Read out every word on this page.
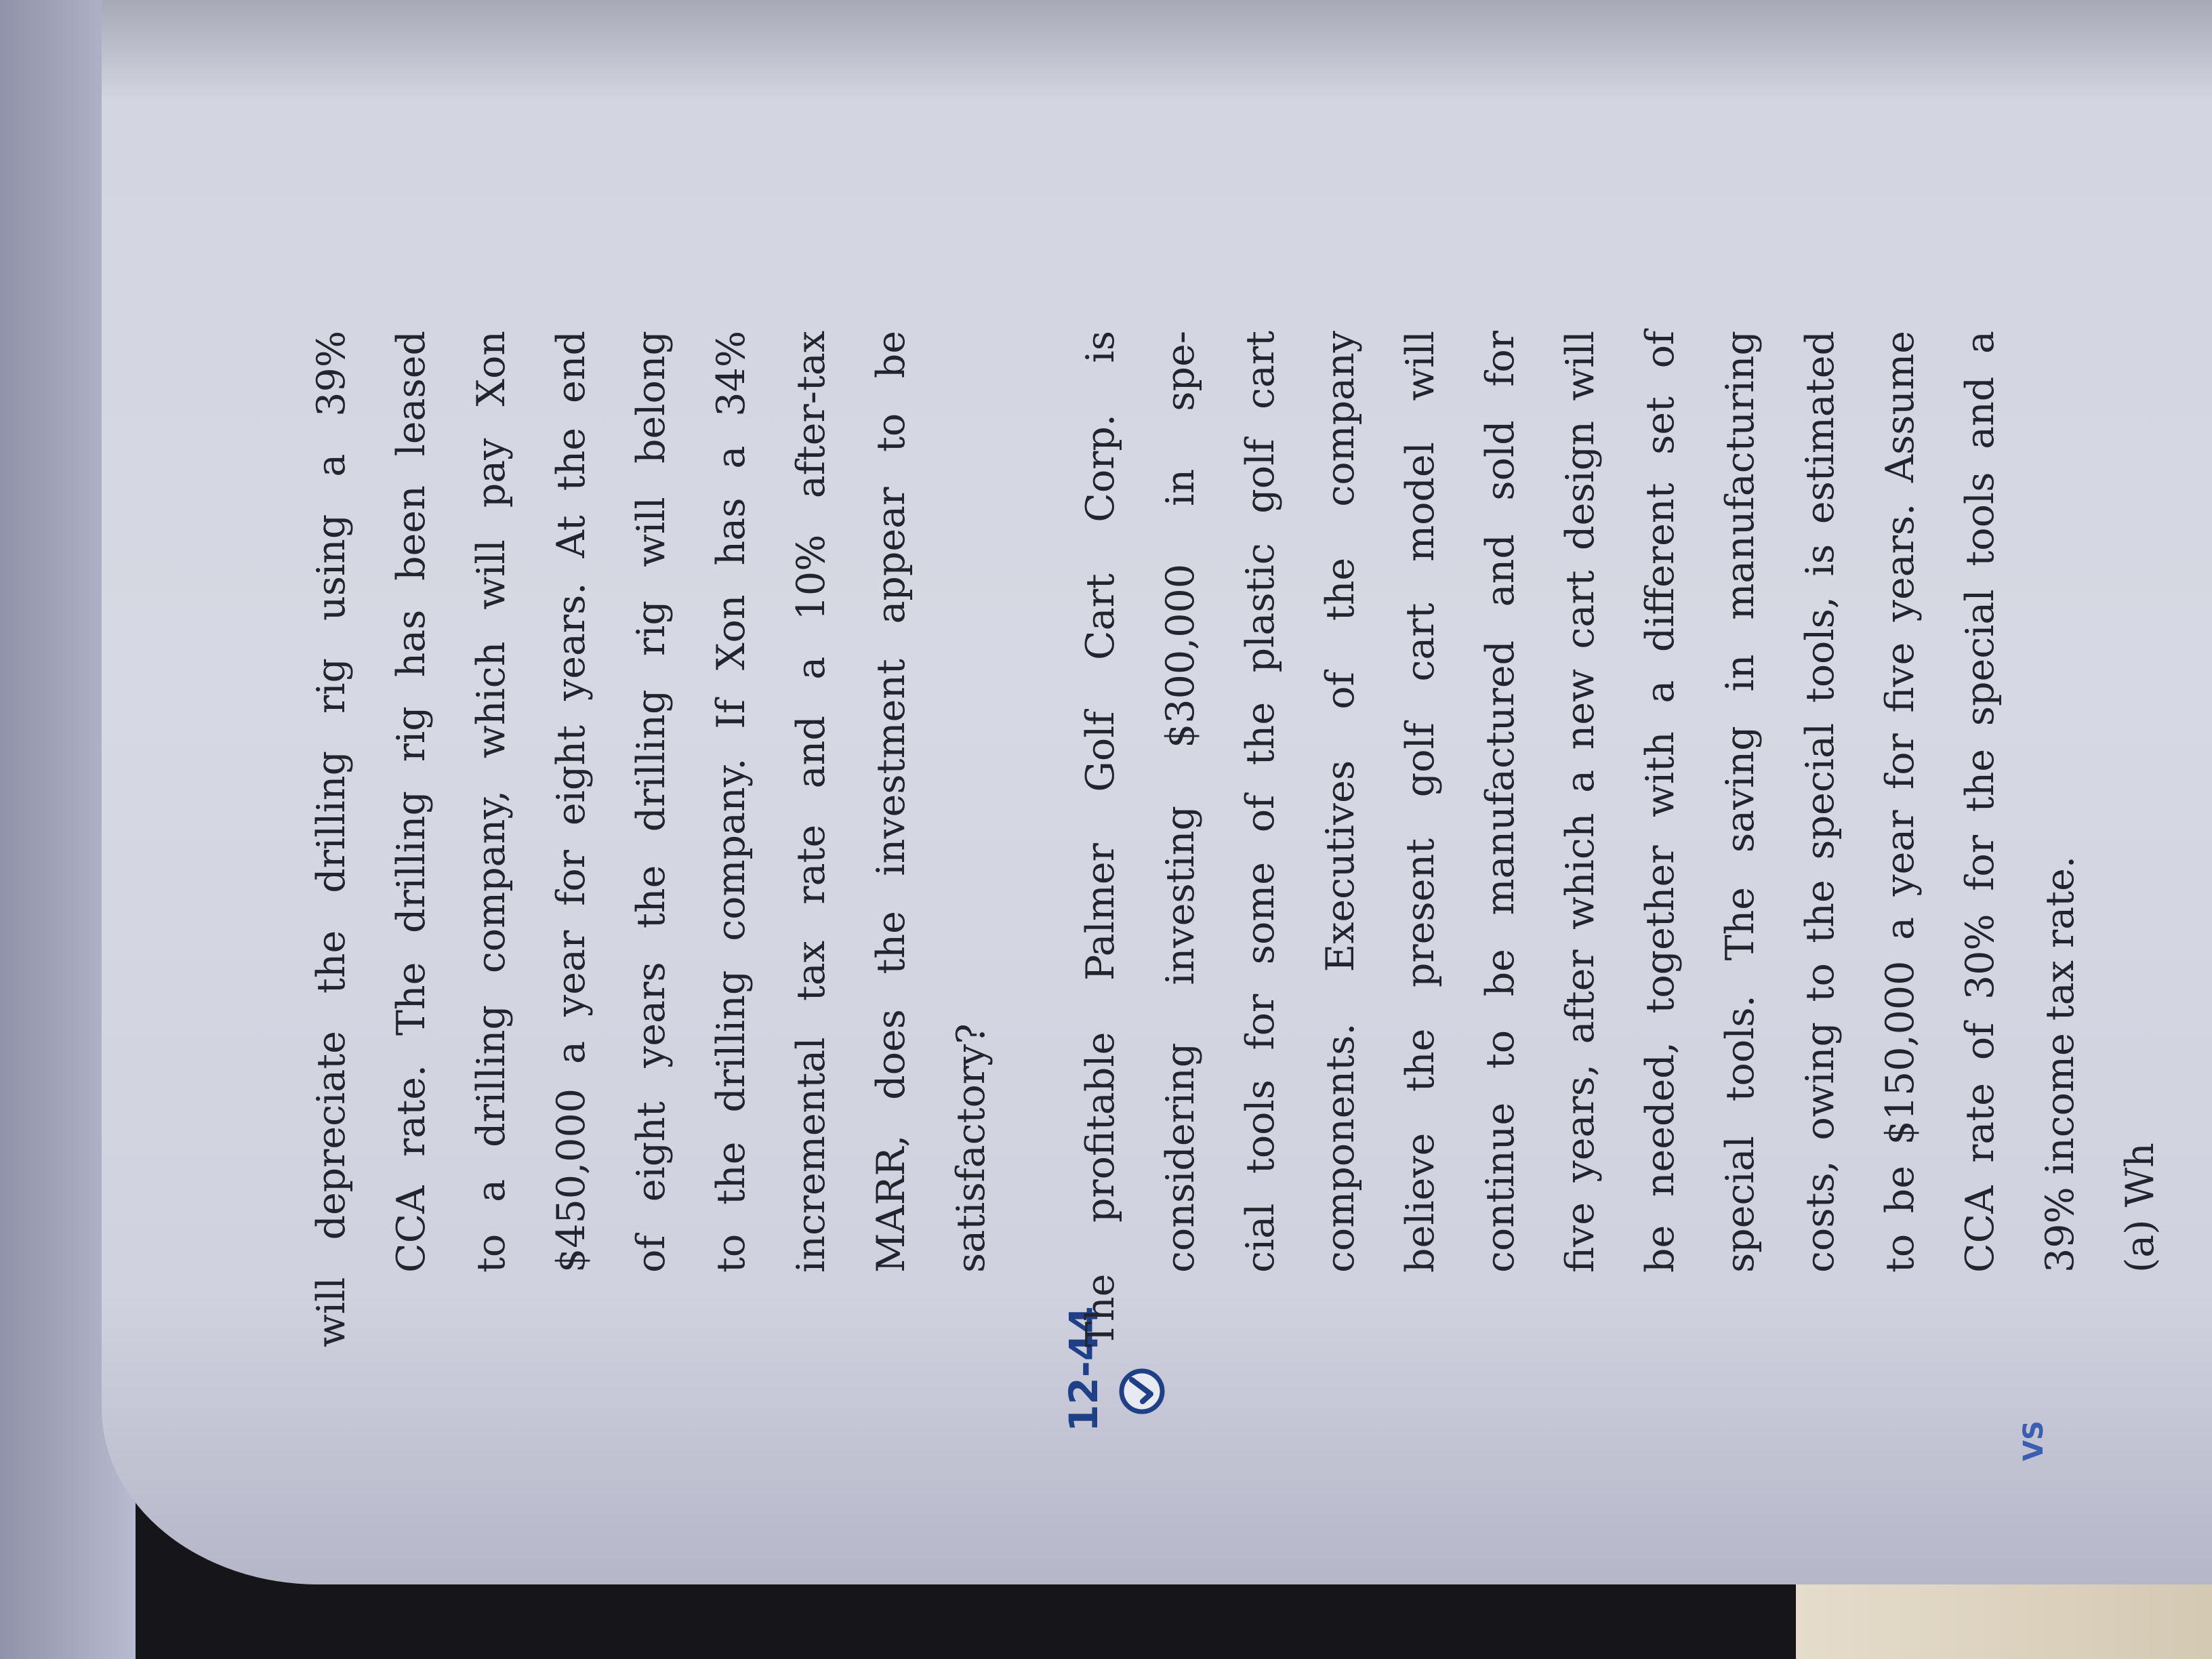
VS

will depreciate the drilling rig using a 39% CCA rate. The drilling rig has been leased to a drilling company, which will pay Xon $450,000 a year for eight years. At the end of eight years the drilling rig will belong to the drilling company. If Xon has a 34% incremental tax rate and a 10% after-tax MARR, does the investment appear to be satisfactory?

12-44

The profitable Palmer Golf Cart Corp. is considering investing $300,000 in spe- cial tools for some of the plastic golf cart components. Executives of the company believe the present golf cart model will continue to be manufactured and sold for five years, after which a new cart design will be needed, together with a different set of special tools. The saving in manufacturing costs, owing to the special tools, is estimated to be $150,000 a year for five years. Assume CCA rate of 30% for the special tools and a 39% income tax rate. (a) Wh
